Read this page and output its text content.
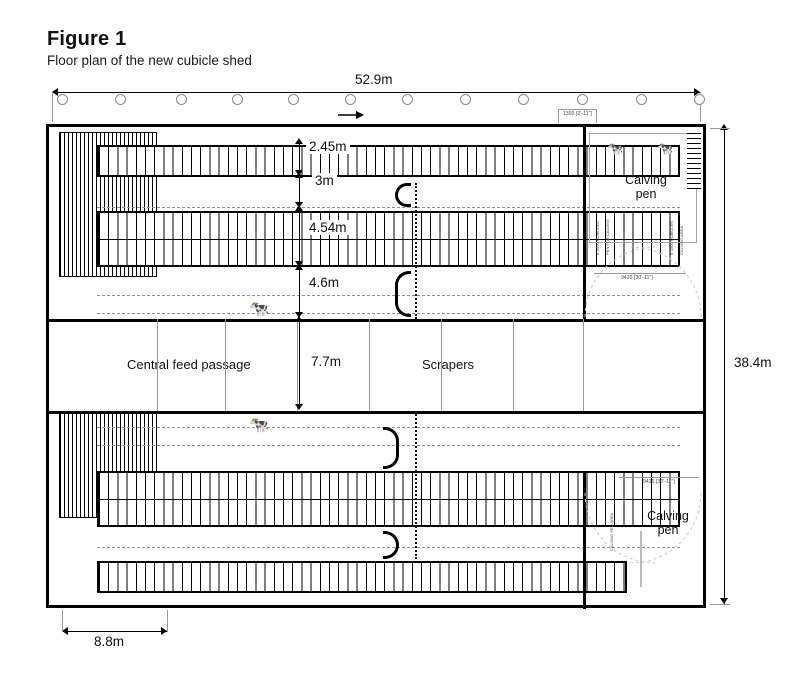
Figure 1
Floor plan of the new cubicle shed
52.9m
38.4m
8.8m
1300 [2'-11"]
Central feed passage	Scrapers
Calving
pen
Calving
pen
9420 [30'-11"]
9420 [30'-11"]
E 1500 CUBICLES PEN FOR CALVING	E 1500 CUBICLES CALVING AREA
CALVING PEN AREA
🐄
🐄
🐄	🐄
2.45m
3m
4.54m
4.6m
7.7m
